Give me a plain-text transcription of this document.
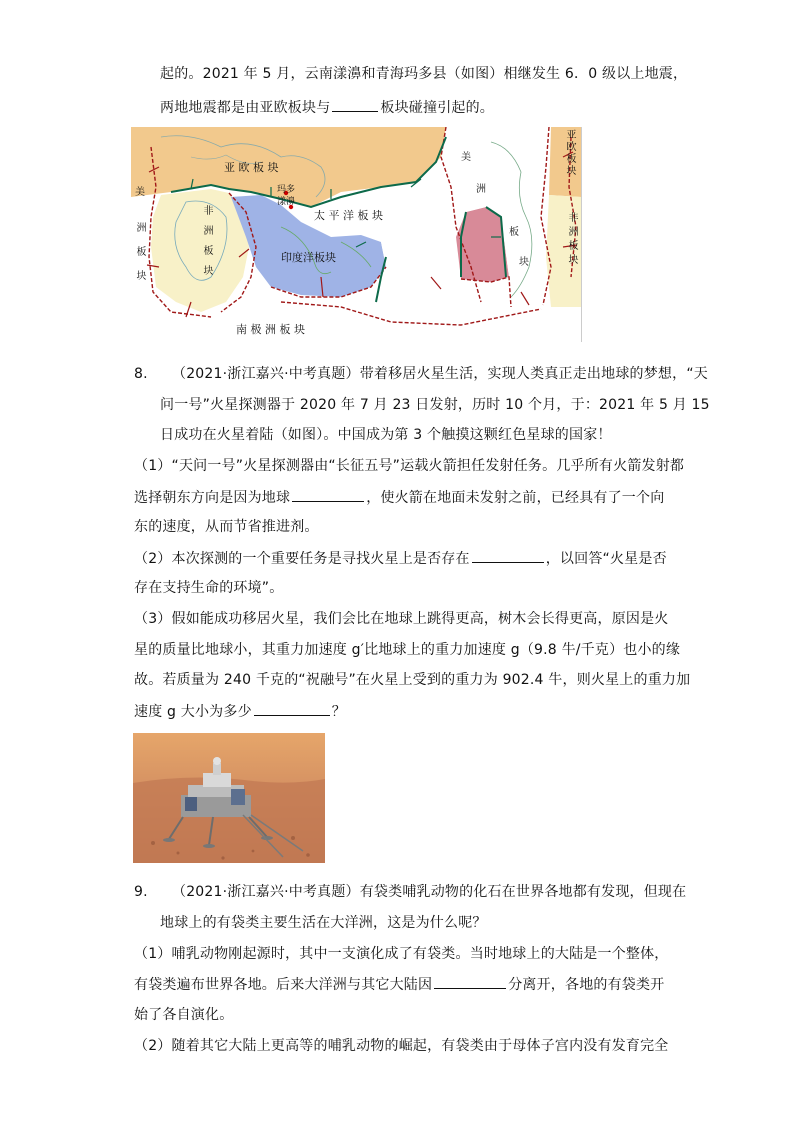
起的。2021 年 5 月，云南漾濞和青海玛多县（如图）相继发生 6．0 级以上地震，
两地地震都是由亚欧板块与	板块碰撞引起的。
亚 欧 板 块
太 平 洋 板 块
印度洋板块
南 极 洲 板 块
玛多
漾濞
非洲板块
美
洲板块
美
洲
板
块
亚欧板块
非洲板块
8. （2021·浙江嘉兴·中考真题）带着移居火星生活，实现人类真正走出地球的梦想，“天
问一号”火星探测器于 2020 年 7 月 23 日发射，历时 10 个月，于：2021 年 5 月 15
日成功在火星着陆（如图）。中国成为第 3 个触摸这颗红色星球的国家！
（1）“天问一号”火星探测器由“长征五号”运载火箭担任发射任务。几乎所有火箭发射都
选择朝东方向是因为地球	，使火箭在地面未发射之前，已经具有了一个向
东的速度，从而节省推进剂。
（2）本次探测的一个重要任务是寻找火星上是否存在	，以回答“火星是否
存在支持生命的环境”。
（3）假如能成功移居火星，我们会比在地球上跳得更高，树木会长得更高，原因是火
星的质量比地球小，其重力加速度 g′比地球上的重力加速度 g（9.8 牛/千克）也小的缘
故。若质量为 240 千克的“祝融号”在火星上受到的重力为 902.4 牛，则火星上的重力加
速度 g 大小为多少	？
9. （2021·浙江嘉兴·中考真题）有袋类哺乳动物的化石在世界各地都有发现，但现在
地球上的有袋类主要生活在大洋洲，这是为什么呢？
（1）哺乳动物刚起源时，其中一支演化成了有袋类。当时地球上的大陆是一个整体，
有袋类遍布世界各地。后来大洋洲与其它大陆因	分离开，各地的有袋类开
始了各自演化。
（2）随着其它大陆上更高等的哺乳动物的崛起，有袋类由于母体子宫内没有发育完全
